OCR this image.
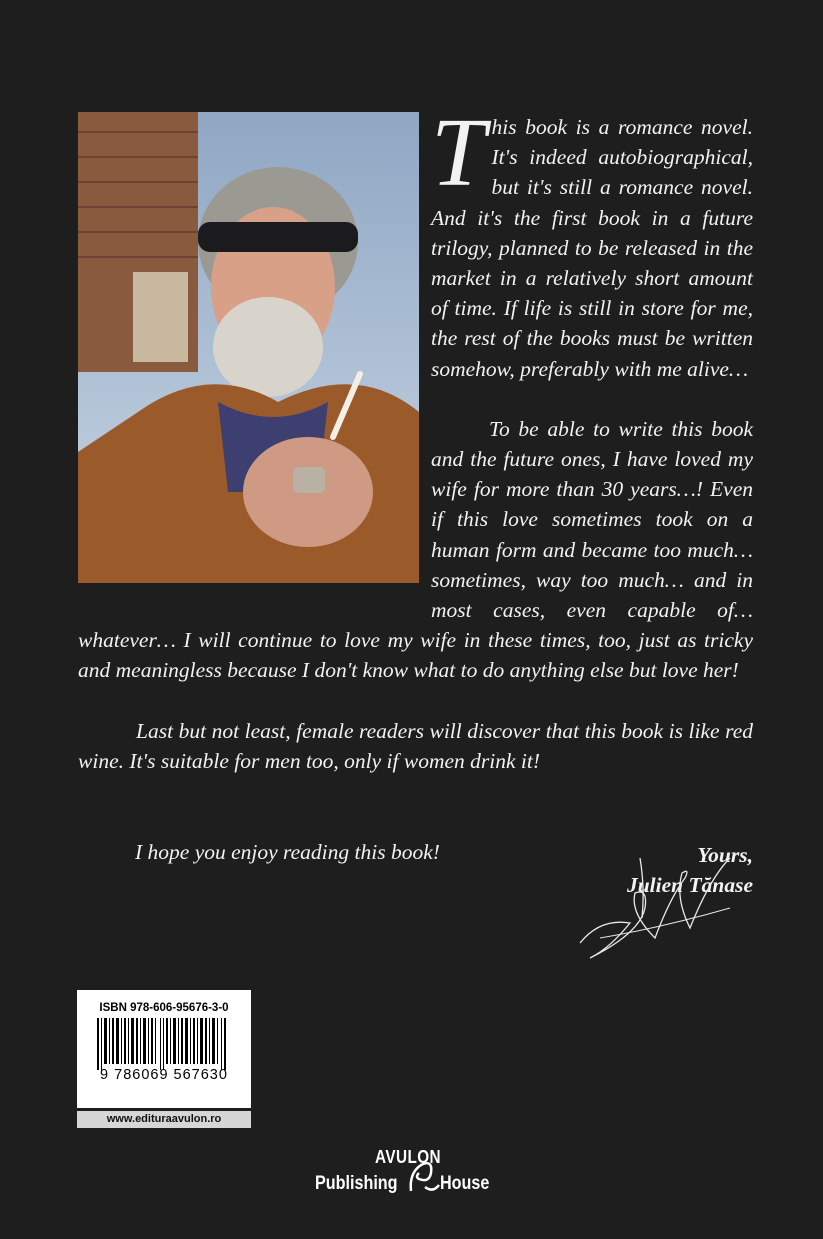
This book is a romance novel. It's indeed autobiographical, but it's still a romance novel. And it's the first book in a future trilogy, planned to be released in the market in a relatively short amount of time. If life is still in store for me, the rest of the books must be written somehow, preferably with me alive…

To be able to write this book and the future ones, I have loved my wife for more than 30 years…! Even if this love sometimes took on a human form and became too much… sometimes, way too much… and in most cases, even capable of… whatever… I will continue to love my wife in these times, too, just as tricky and meaningless because I don't know what to do anything else but love her!

Last but not least, female readers will discover that this book is like red wine. It's suitable for men too, only if women drink it!

I hope you enjoy reading this book!	Yours,
Julien Tănase
ISBN 978-606-95676-3-0
9 786069 567630
www.edituraavulon.ro
AVULON
Publishing House
